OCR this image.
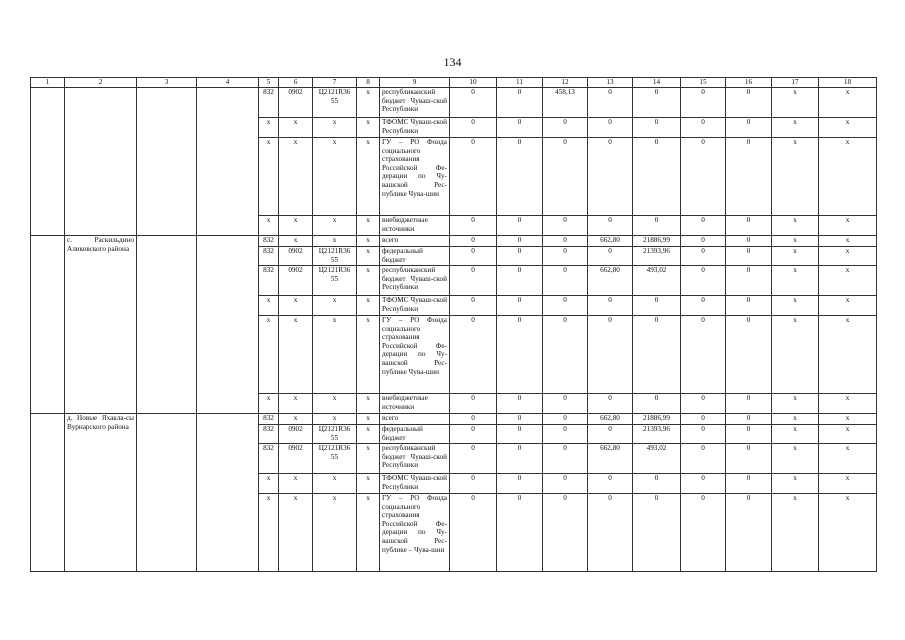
134
1	2	3	4	5	6	7	8	9	10	11	12	13	14	15	16	17	18
				832	0902	Ц2121R36 55	х	республиканский бюджет Чуваш-ской Республики	0	0	458,13	0	0	0	0	х	х
				х	х	х	х	ТФОМС Чуваш-ской Республики	0	0	0	0	0	0	0	х	х
				х	х	х	х	ГУ – РО Фонда социального страхования Российской Фе-дерации по Чу-вашской Рес-публике Чува-шии	0	0	0	0	0	0	0	х	х
				х	х	х	х	внебюджетные источники	0	0	0	0	0	0	0	х	х
	с. Раскильдино Аликовского района			832	х	х	х	всего	0	0	0	662,80	21886,99	0	0	х	х
				832	0902	Ц2121R36 55	х	федеральный бюджет	0	0	0	0	21393,96	0	0	х	х
				832	0902	Ц2121R36 55	х	республиканский бюджет Чуваш-ской Республики	0	0	0	662,80	493,02	0	0	х	х
				х	х	х	х	ТФОМС Чуваш-ской Республики	0	0	0	0	0	0	0	х	х
				х	х	х	х	ГУ – РО Фонда социального страхования Российской Фе-дерации по Чу-вашской Рес-публике Чува-шии	0	0	0	0	0	0	0	х	х
				х	х	х	х	внебюджетные источники	0	0	0	0	0	0	0	х	х
	д. Новые Яхакла-сы Вурнарского района			832	х	х	х	всего	0	0	0	662,80	21886,99	0	0	х	х
				832	0902	Ц2121R36 55	х	федеральный бюджет	0	0	0	0	21393,96	0	0	х	х
				832	0902	Ц2121R36 55	х	республиканский бюджет Чуваш-ской Республики	0	0	0	662,80	493,02	0	0	х	х
				х	х	х	х	ТФОМС Чуваш-ской Республики	0	0	0	0	0	0	0	х	х
				х	х	х	х	ГУ – РО Фонда социального страхования Российской Фе-дерации по Чу-вашской Рес-публике – Чува-шии	0	0	0	0	0	0	0	х	х
